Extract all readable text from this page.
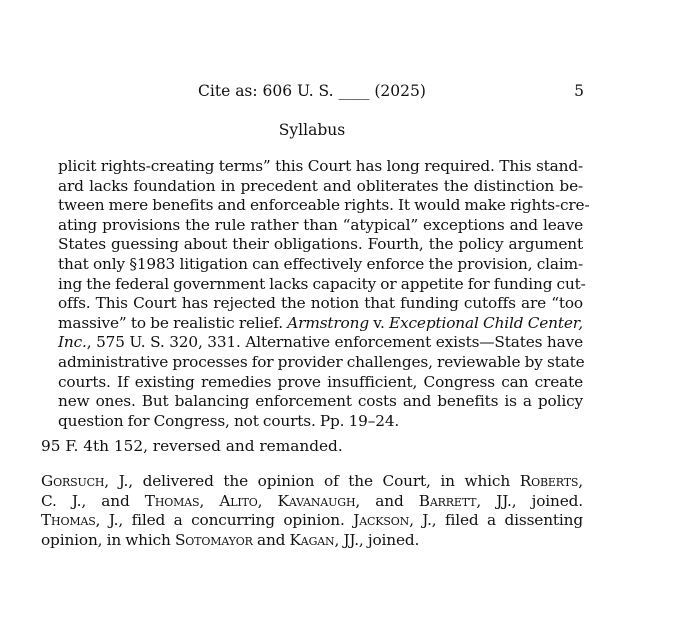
Cite as: 606 U. S. ____ (2025)	5
Syllabus
plicit rights-creating terms” this Court has long required. This stand-
ard lacks foundation in precedent and obliterates the distinction be-
tween mere benefits and enforceable rights. It would make rights-cre-
ating provisions the rule rather than “atypical” exceptions and leave
States guessing about their obligations. Fourth, the policy argument
that only §1983 litigation can effectively enforce the provision, claim-
ing the federal government lacks capacity or appetite for funding cut-
offs. This Court has rejected the notion that funding cutoffs are “too
massive” to be realistic relief. Armstrong v. Exceptional Child Center,
Inc., 575 U. S. 320, 331. Alternative enforcement exists—States have
administrative processes for provider challenges, reviewable by state
courts. If existing remedies prove insufficient, Congress can create
new ones. But balancing enforcement costs and benefits is a policy
question for Congress, not courts. Pp. 19–24.
95 F. 4th 152, reversed and remanded.
Gorsuch, J., delivered the opinion of the Court, in which Roberts,
C. J., and Thomas, Alito, Kavanaugh, and Barrett, JJ., joined.
Thomas, J., filed a concurring opinion. Jackson, J., filed a dissenting
opinion, in which Sotomayor and Kagan, JJ., joined.
